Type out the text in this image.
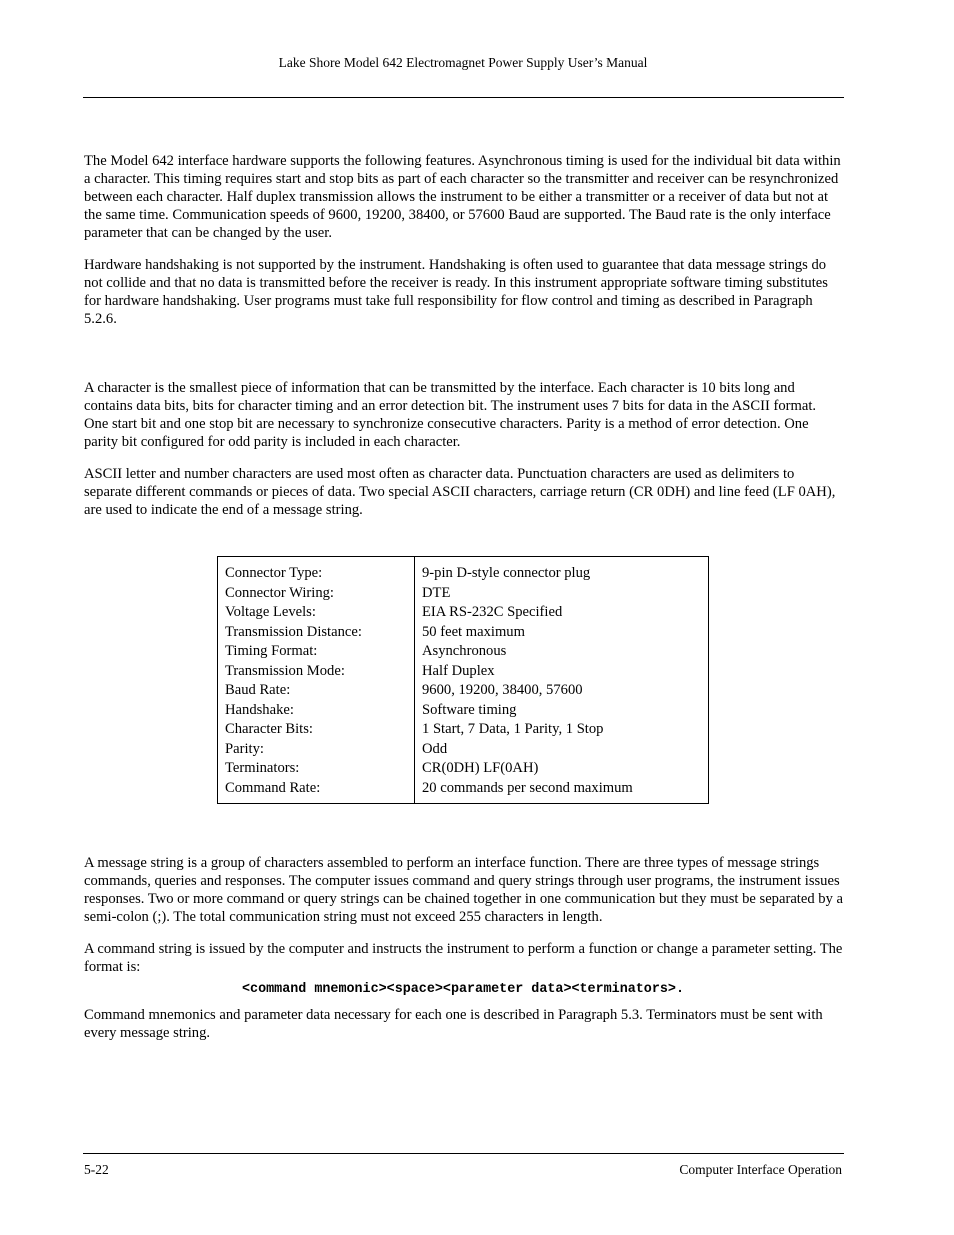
Lake Shore Model 642 Electromagnet Power Supply User’s Manual

The Model 642 interface hardware supports the following features. Asynchronous timing is used for the individual bit data within a character. This timing requires start and stop bits as part of each character so the transmitter and receiver can be resynchronized between each character. Half duplex transmission allows the instrument to be either a transmitter or a receiver of data but not at the same time. Communication speeds of 9600, 19200, 38400, or 57600 Baud are supported. The Baud rate is the only interface parameter that can be changed by the user.

Hardware handshaking is not supported by the instrument. Handshaking is often used to guarantee that data message strings do not collide and that no data is transmitted before the receiver is ready. In this instrument appropriate software timing substitutes for hardware handshaking. User programs must take full responsibility for flow control and timing as described in Paragraph 5.2.6.

A character is the smallest piece of information that can be transmitted by the interface. Each character is 10 bits long and contains data bits, bits for character timing and an error detection bit. The instrument uses 7 bits for data in the ASCII format. One start bit and one stop bit are necessary to synchronize consecutive characters. Parity is a method of error detection. One parity bit configured for odd parity is included in each character.

ASCII letter and number characters are used most often as character data. Punctuation characters are used as delimiters to separate different commands or pieces of data. Two special ASCII characters, carriage return (CR 0DH) and line feed (LF 0AH), are used to indicate the end of a message string.

Connector Type:
Connector Wiring:
Voltage Levels:
Transmission Distance:
Timing Format:
Transmission Mode:
Baud Rate:
Handshake:
Character Bits:
Parity:
Terminators:
Command Rate:
9-pin D-style connector plug
DTE
EIA RS-232C Specified
50 feet maximum
Asynchronous
Half Duplex
9600, 19200, 38400, 57600
Software timing
1 Start, 7 Data, 1 Parity, 1 Stop
Odd
CR(0DH) LF(0AH)
20 commands per second maximum

A message string is a group of characters assembled to perform an interface function. There are three types of message strings commands, queries and responses. The computer issues command and query strings through user programs, the instrument issues responses. Two or more command or query strings can be chained together in one communication but they must be separated by a semi-colon (;). The total communication string must not exceed 255 characters in length.

A command string is issued by the computer and instructs the instrument to perform a function or change a parameter setting. The format is:

<command mnemonic><space><parameter data><terminators>.

Command mnemonics and parameter data necessary for each one is described in Paragraph 5.3. Terminators must be sent with every message string.

5-22	Computer Interface Operation
